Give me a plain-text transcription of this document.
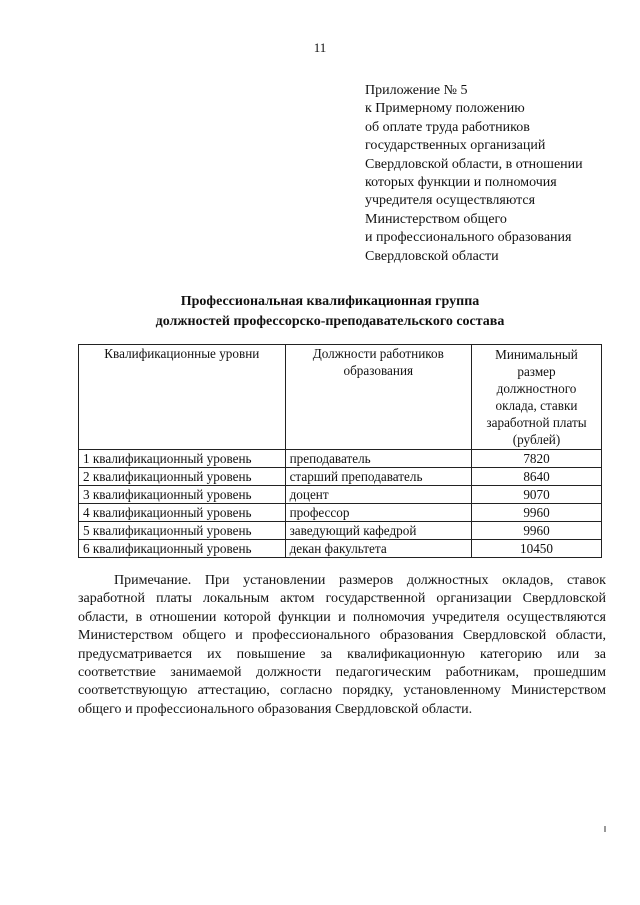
11
Приложение № 5
к Примерному положению
об оплате труда работников
государственных организаций
Свердловской области, в отношении
которых функции и полномочия
учредителя осуществляются
Министерством общего
и профессионального образования
Свердловской области
Профессиональная квалификационная группа
должностей профессорско-преподавательского состава
Квалификационные уровни	Должности работников образования	Минимальный размер должностного оклада, ставки заработной платы (рублей)
1 квалификационный уровень	преподаватель	7820
2 квалификационный уровень	старший преподаватель	8640
3 квалификационный уровень	доцент	9070
4 квалификационный уровень	профессор	9960
5 квалификационный уровень	заведующий кафедрой	9960
6 квалификационный уровень	декан факультета	10450
Примечание. При установлении размеров должностных окладов, ставок заработной платы локальным актом государственной организации Свердловской области, в отношении которой функции и полномочия учредителя осуществляются Министерством общего и профессионального образования Свердловской области, предусматривается их повышение за квалификационную категорию или за соответствие занимаемой должности педагогическим работникам, прошедшим соответствующую аттестацию, согласно порядку, установленному Министерством общего и профессионального образования Свердловской области.
